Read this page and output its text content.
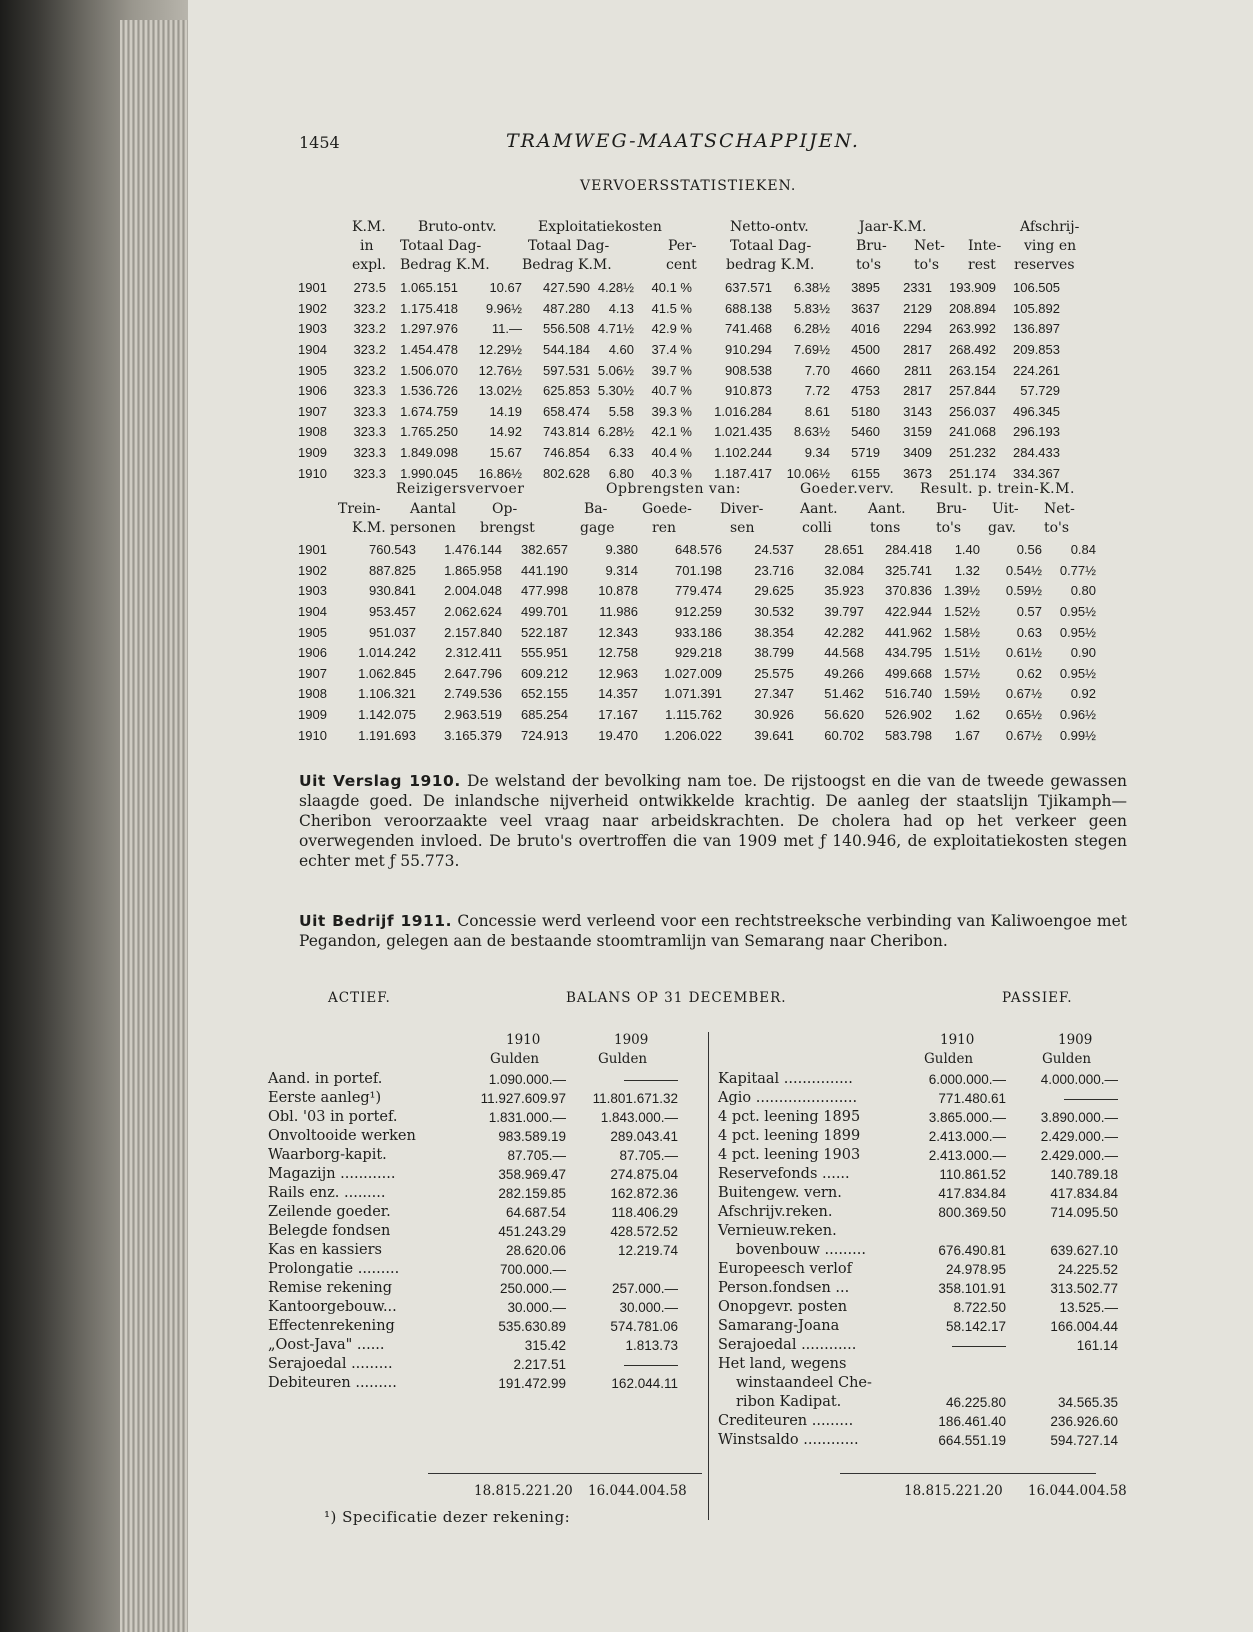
1454	TRAMWEG-MAATSCHAPPIJEN.
VERVOERSSTATISTIEKEN.
K.M. Bruto-ontv.	Exploitatiekosten	Netto-ontv.	Jaar-K.M.	Afschrij-
in Totaal Dag-	Totaal Dag-	Per- Totaal Dag-	Bru- Net- Inte- ving en
expl. Bedrag K.M. Bedrag K.M.	cent bedrag K.M.	to's to's rest reserves
1901	273.5	1.065.151	10.67	427.590	4.28½	40.1 %	637.571	6.38½	3895	2331	193.909	106.505
1902	323.2	1.175.418	9.96½	487.280	4.13	41.5 %	688.138	5.83½	3637	2129	208.894	105.892
1903	323.2	1.297.976	11.—	556.508	4.71½	42.9 %	741.468	6.28½	4016	2294	263.992	136.897
1904	323.2	1.454.478	12.29½	544.184	4.60	37.4 %	910.294	7.69½	4500	2817	268.492	209.853
1905	323.2	1.506.070	12.76½	597.531	5.06½	39.7 %	908.538	7.70	4660	2811	263.154	224.261
1906	323.3	1.536.726	13.02½	625.853	5.30½	40.7 %	910.873	7.72	4753	2817	257.844	57.729
1907	323.3	1.674.759	14.19	658.474	5.58	39.3 %	1.016.284	8.61	5180	3143	256.037	496.345
1908	323.3	1.765.250	14.92	743.814	6.28½	42.1 %	1.021.435	8.63½	5460	3159	241.068	296.193
1909	323.3	1.849.098	15.67	746.854	6.33	40.4 %	1.102.244	9.34	5719	3409	251.232	284.433
1910	323.3	1.990.045	16.86½	802.628	6.80	40.3 %	1.187.417	10.06½	6155	3673	251.174	334.367
Reizigersvervoer	Opbrengsten van:	Goeder.verv. Result. p. trein-K.M.
Trein- Aantal	Op-	Ba- Goede- Diver-	Aant. Aant. Bru- Uit- Net-
K.M. personen brengst	gage	ren	sen	colli	tons	to's gav. to's
1901	760.543	1.476.144	382.657	9.380	648.576	24.537	28.651	284.418	1.40	0.56	0.84
1902	887.825	1.865.958	441.190	9.314	701.198	23.716	32.084	325.741	1.32	0.54½	0.77½
1903	930.841	2.004.048	477.998	10.878	779.474	29.625	35.923	370.836	1.39½	0.59½	0.80
1904	953.457	2.062.624	499.701	11.986	912.259	30.532	39.797	422.944	1.52½	0.57	0.95½
1905	951.037	2.157.840	522.187	12.343	933.186	38.354	42.282	441.962	1.58½	0.63	0.95½
1906	1.014.242	2.312.411	555.951	12.758	929.218	38.799	44.568	434.795	1.51½	0.61½	0.90
1907	1.062.845	2.647.796	609.212	12.963	1.027.009	25.575	49.266	499.668	1.57½	0.62	0.95½
1908	1.106.321	2.749.536	652.155	14.357	1.071.391	27.347	51.462	516.740	1.59½	0.67½	0.92
1909	1.142.075	2.963.519	685.254	17.167	1.115.762	30.926	56.620	526.902	1.62	0.65½	0.96½
1910	1.191.693	3.165.379	724.913	19.470	1.206.022	39.641	60.702	583.798	1.67	0.67½	0.99½
Uit Verslag 1910. De welstand der bevolking nam toe. De rijstoogst en die van de tweede gewassen slaagde goed. De inlandsche nijverheid ontwikkelde krachtig. De aanleg der staatslijn Tjikamph—Cheribon veroorzaakte veel vraag naar arbeidskrachten. De cholera had op het verkeer geen overwegenden invloed. De bruto's overtroffen die van 1909 met ƒ 140.946, de exploitatiekosten stegen echter met ƒ 55.773.
Uit Bedrijf 1911. Concessie werd verleend voor een rechtstreeksche verbinding van Kaliwoengoe met Pegandon, gelegen aan de bestaande stoomtramlijn van Semarang naar Cheribon.
ACTIEF.	BALANS OP 31 DECEMBER.	PASSIEF.
1910	1909
Gulden	Gulden
1910	1909
Gulden	Gulden
Aand. in portef.	1.090.000.—	————
Eerste aanleg¹)	11.927.609.97	11.801.671.32
Obl. '03 in portef.	1.831.000.—	1.843.000.—
Onvoltooide werken	983.589.19	289.043.41
Waarborg-kapit.	87.705.—	87.705.—
Magazijn ............	358.969.47	274.875.04
Rails enz. .........	282.159.85	162.872.36
Zeilende goeder.	64.687.54	118.406.29
Belegde fondsen	451.243.29	428.572.52
Kas en kassiers	28.620.06	12.219.74
Prolongatie .........	700.000.—	
Remise rekening	250.000.—	257.000.—
Kantoorgebouw...	30.000.—	30.000.—
Effectenrekening	535.630.89	574.781.06
„Oost-Java" ......	315.42	1.813.73
Serajoedal .........	2.217.51	————
Debiteuren .........	191.472.99	162.044.11
Kapitaal ...............	6.000.000.—	4.000.000.—
Agio ......................	771.480.61	————
4 pct. leening 1895	3.865.000.—	3.890.000.—
4 pct. leening 1899	2.413.000.—	2.429.000.—
4 pct. leening 1903	2.413.000.—	2.429.000.—
Reservefonds ......	110.861.52	140.789.18
Buitengew. vern.	417.834.84	417.834.84
Afschrijv.reken.	800.369.50	714.095.50
Vernieuw.reken.		
bovenbouw .........	676.490.81	639.627.10
Europeesch verlof	24.978.95	24.225.52
Person.fondsen ...	358.101.91	313.502.77
Onopgevr. posten	8.722.50	13.525.—
Samarang-Joana	58.142.17	166.004.44
Serajoedal ............	————	161.14
Het land, wegens		
winstaandeel Che-		
ribon Kadipat.	46.225.80	34.565.35
Crediteuren .........	186.461.40	236.926.60
Winstsaldo ............	664.551.19	594.727.14
18.815.221.20 16.044.004.58	18.815.221.20 16.044.004.58
¹) Specificatie dezer rekening:
